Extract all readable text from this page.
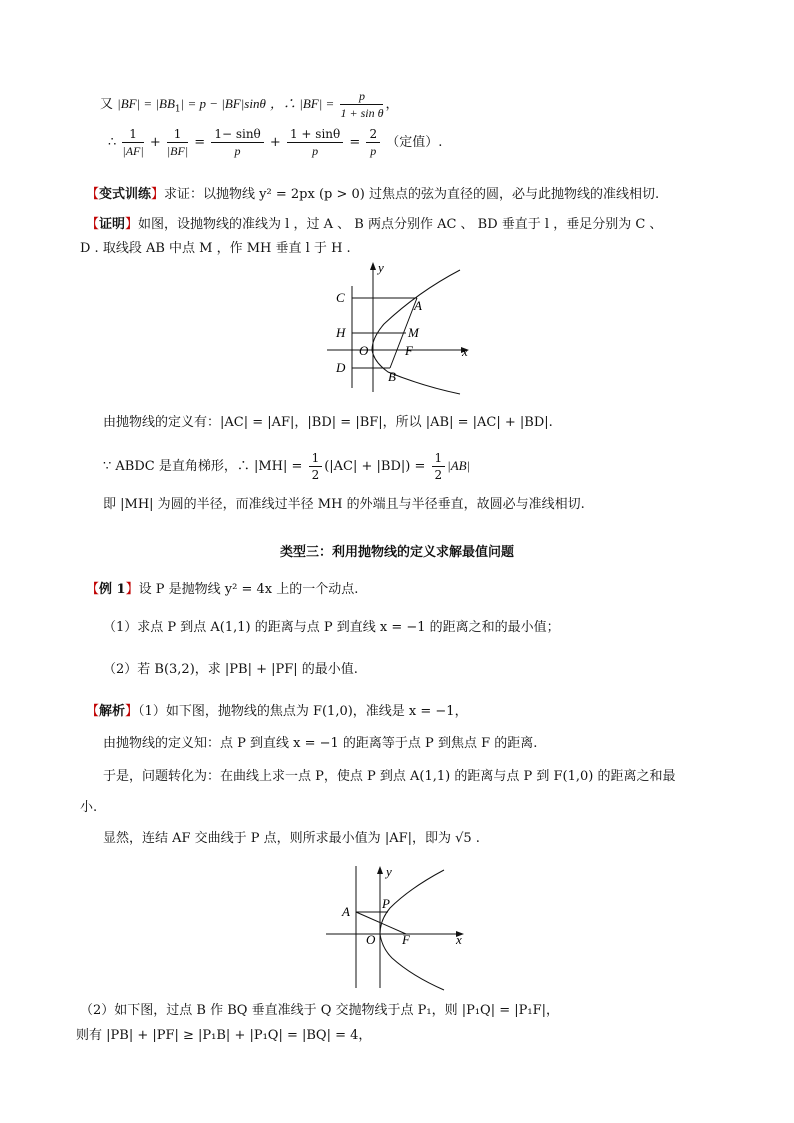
又 $|BF| = |BB_1| = p - |BF|\sin\theta$ ，∴ $|BF| = \frac{p}{\text{1 + sin θ}}$ ，
∴ $\frac{1}{|AF|} + \frac{1}{|BF|} = \frac{1- \sin\theta}{p} + \frac{1 + \sin\theta}{p} = \frac{2}{p}$ （定值）.
【变式训练】求证：以抛物线 y² = 2px (p > 0) 过焦点的弦为直径的圆，必与此抛物线的准线相切.
【证明】如图，设抛物线的准线为 l ，过 A 、 B 两点分别作 AC 、 BD 垂直于 l ，垂足分别为 C 、
D . 取线段 AB 中点 M ，作 MH 垂直 l 于 H .
C
A
H	M
O	F
D
B
x
y
由抛物线的定义有：|AC| = |AF|，|BD| = |BF|，所以 |AB| = |AC| + |BD|.
∵ ABDC 是直角梯形，∴ $|MH| = \frac{1}{2} (|AC| + |BD|) = \frac{1}{2} |AB|$
即 |MH| 为圆的半径，而准线过半径 MH 的外端且与半径垂直，故圆必与准线相切.
类型三：利用抛物线的定义求解最值问题
【例 1】设 P 是抛物线 y² = 4x 上的一个动点.
（1）求点 P 到点 A(1,1) 的距离与点 P 到直线 x = −1 的距离之和的最小值；
（2）若 B(3,2)，求 |PB| + |PF| 的最小值.
【解析】（1）如下图，抛物线的焦点为 F(1,0)，准线是 x = −1，
由抛物线的定义知：点 P 到直线 x = −1 的距离等于点 P 到焦点 F 的距离.
于是，问题转化为：在曲线上求一点 P，使点 P 到点 A(1,1) 的距离与点 P 到 F(1,0) 的距离之和最
小.
显然，连结 AF 交曲线于 P 点，则所求最小值为 |AF|，即为 √5 .
A
P
O F	x
y
（2）如下图，过点 B 作 BQ 垂直准线于 Q 交抛物线于点 P₁，则 |P₁Q| = |P₁F|，
则有 |PB| + |PF| ≥ |P₁B| + |P₁Q| = |BQ| = 4，
